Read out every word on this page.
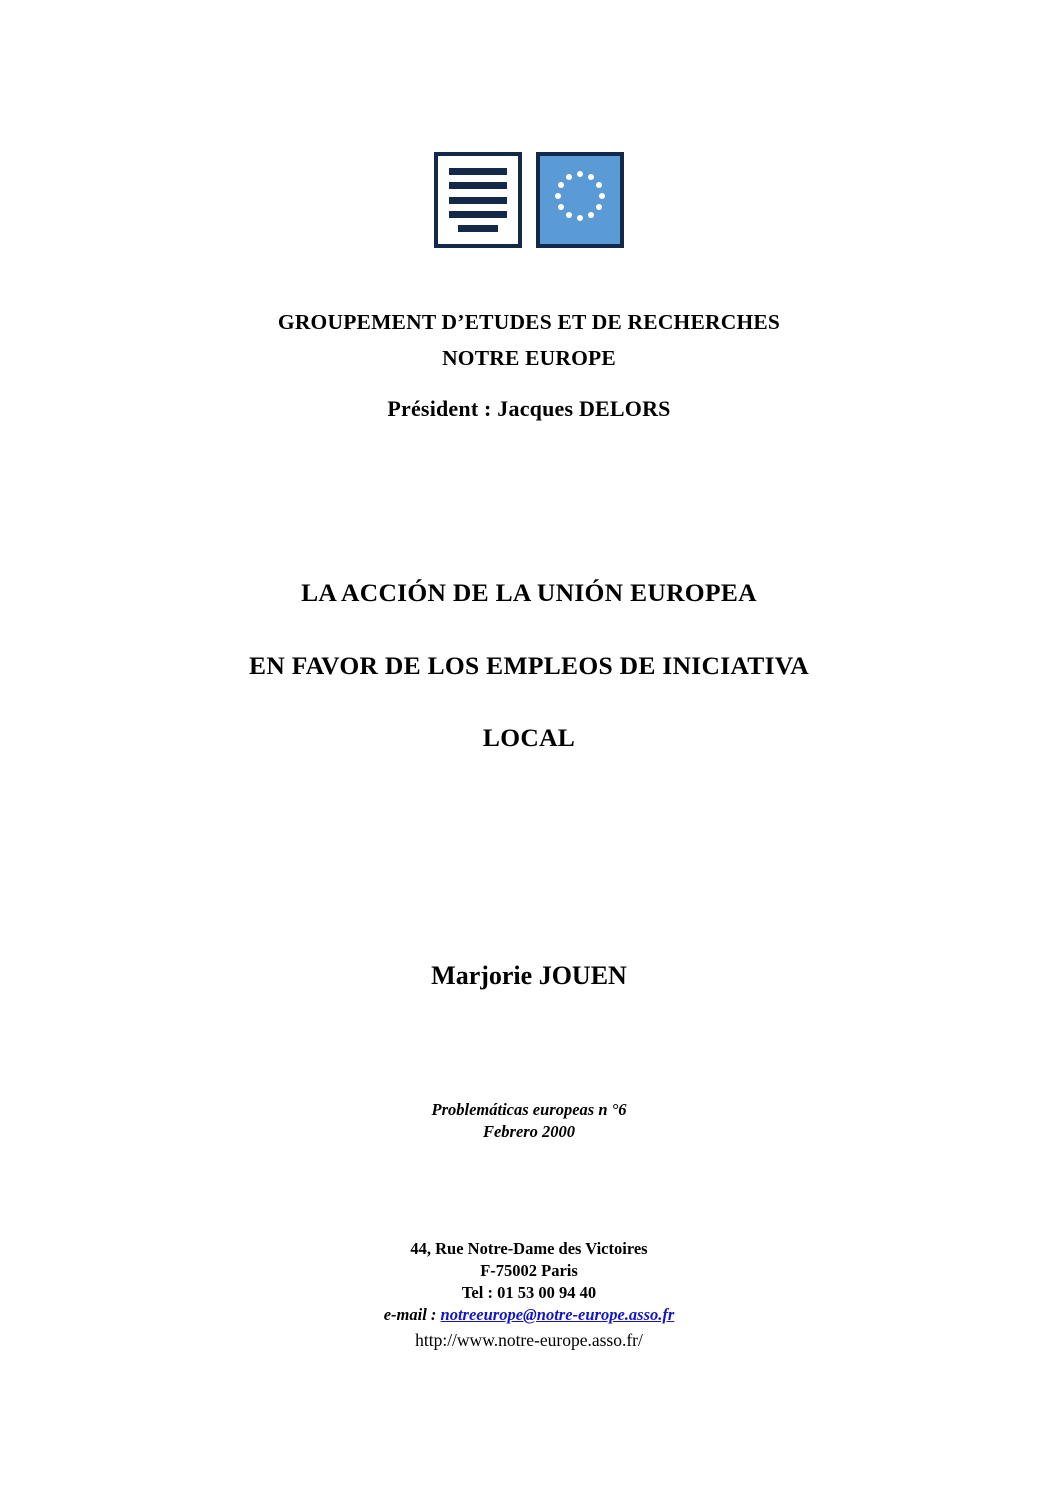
GROUPEMENT D’ETUDES ET DE RECHERCHES
NOTRE EUROPE
Président : Jacques DELORS
LA ACCIÓN DE LA UNIÓN EUROPEA
EN FAVOR DE LOS EMPLEOS DE INICIATIVA
LOCAL
Marjorie JOUEN
Problemáticas europeas n °6
Febrero 2000
44, Rue Notre-Dame des Victoires
F-75002 Paris
Tel : 01 53 00 94 40
e-mail : notreeurope@notre-europe.asso.fr
http://www.notre-europe.asso.fr/
